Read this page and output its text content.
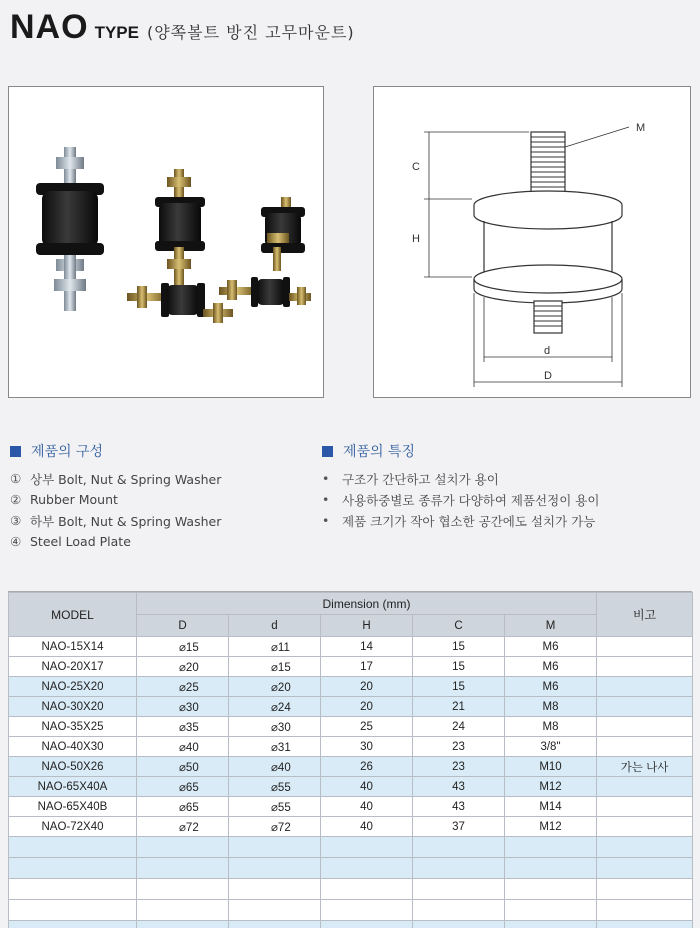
NAO TYPE (양쪽볼트 방진 고무마운트)
C
H
M
d
D
제품의 구성
① 상부 Bolt, Nut & Spring Washer
② Rubber Mount
③ 하부 Bolt, Nut & Spring Washer
④ Steel Load Plate
제품의 특징
•	구조가 간단하고 설치가 용이
•	사용하중별로 종류가 다양하여 제품선정이 용이
•	제품 크기가 작아 협소한 공간에도 설치가 가능
MODEL	Dimension (mm)					비고
	D	d	H	C	M	
NAO-15X14	⌀15	⌀11	14	15	M6	
NAO-20X17	⌀20	⌀15	17	15	M6	
NAO-25X20	⌀25	⌀20	20	15	M6	
NAO-30X20	⌀30	⌀24	20	21	M8	
NAO-35X25	⌀35	⌀30	25	24	M8	
NAO-40X30	⌀40	⌀31	30	23	3/8"	
NAO-50X26	⌀50	⌀40	26	23	M10	가는 나사
NAO-65X40A	⌀65	⌀55	40	43	M12	
NAO-65X40B	⌀65	⌀55	40	43	M14	
NAO-72X40	⌀72	⌀72	40	37	M12	
